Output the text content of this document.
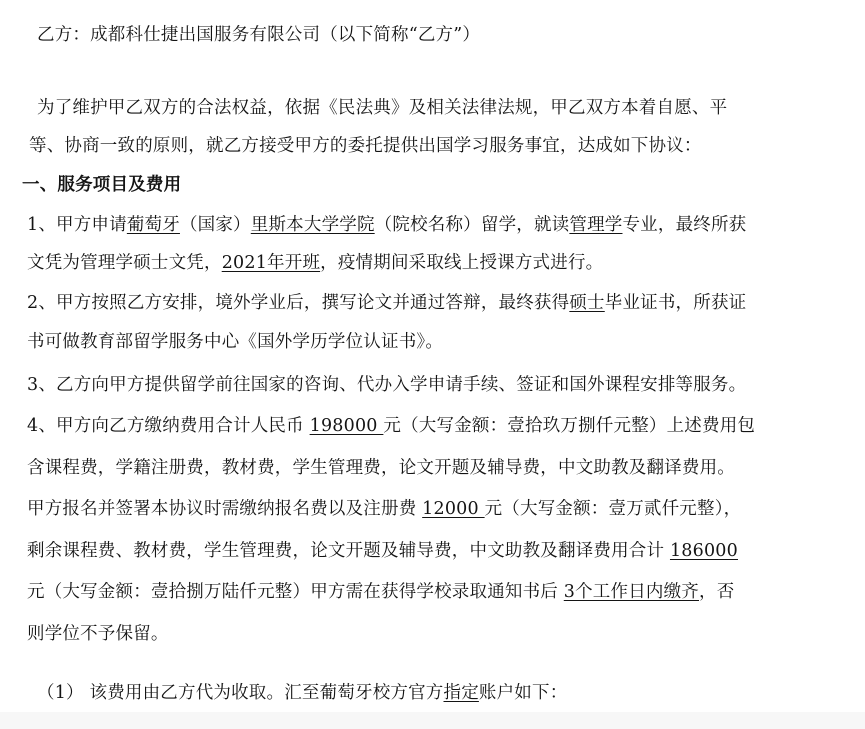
乙方：成都科仕捷出国服务有限公司（以下简称“乙方”）
为了维护甲乙双方的合法权益，依据《民法典》及相关法律法规，甲乙双方本着自愿、平
等、协商一致的原则，就乙方接受甲方的委托提供出国学习服务事宜，达成如下协议：
一、服务项目及费用
1、甲方申请葡萄牙（国家）里斯本大学学院（院校名称）留学，就读管理学专业，最终所获
文凭为管理学硕士文凭，2021年开班，疫情期间采取线上授课方式进行。
2、甲方按照乙方安排，境外学业后，撰写论文并通过答辩，最终获得硕士毕业证书，所获证
书可做教育部留学服务中心《国外学历学位认证书》。
3、乙方向甲方提供留学前往国家的咨询、代办入学申请手续、签证和国外课程安排等服务。
4、甲方向乙方缴纳费用合计人民币 198000 元（大写金额：壹拾玖万捌仟元整）上述费用包
含课程费，学籍注册费，教材费，学生管理费，论文开题及辅导费，中文助教及翻译费用。
甲方报名并签署本协议时需缴纳报名费以及注册费 12000 元（大写金额：壹万贰仟元整），
剩余课程费、教材费，学生管理费，论文开题及辅导费，中文助教及翻译费用合计 186000
元（大写金额：壹拾捌万陆仟元整）甲方需在获得学校录取通知书后 3个工作日内缴齐，否
则学位不予保留。
（1） 该费用由乙方代为收取。汇至葡萄牙校方官方指定账户如下：
